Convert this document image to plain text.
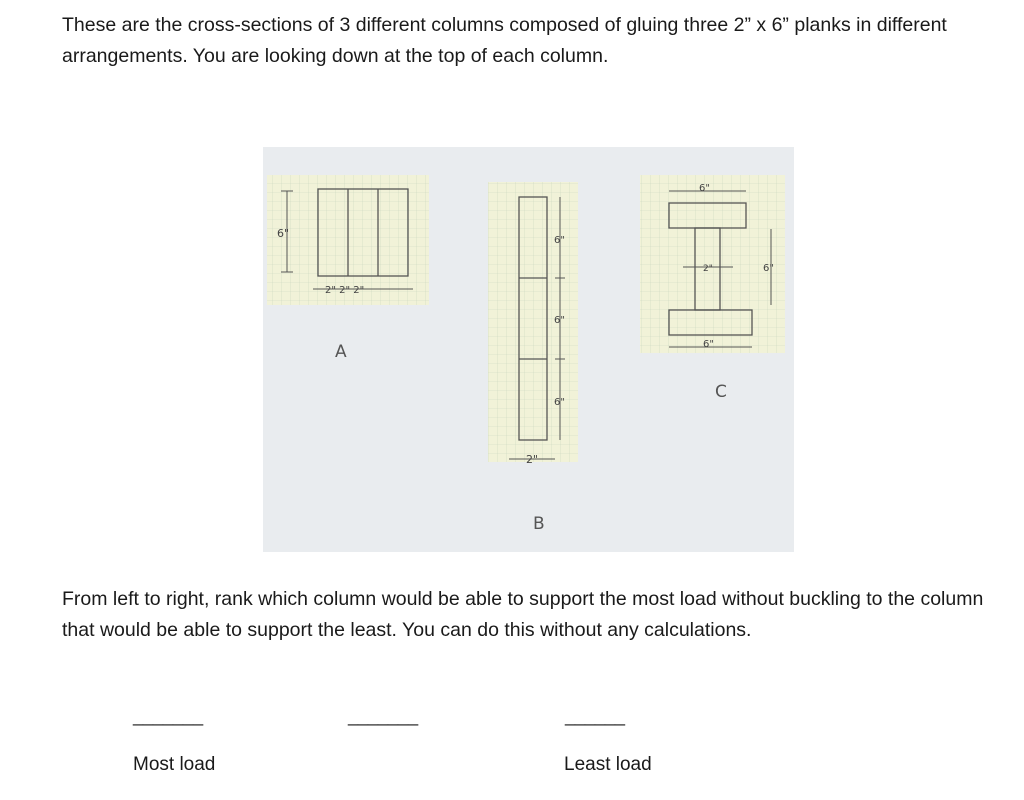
These are the cross-sections of 3 different columns composed of gluing three 2” x 6” planks in different arrangements. You are looking down at the top of each column.

6"
2" 2" 2"
A
6"
6"
6"
2"
B
6"
6"
2"	6"
C

From left to right, rank which column would be able to support the most load without buckling to the column that would be able to support the least. You can do this without any calculations.

_______	_______	______
Most load	Least load
